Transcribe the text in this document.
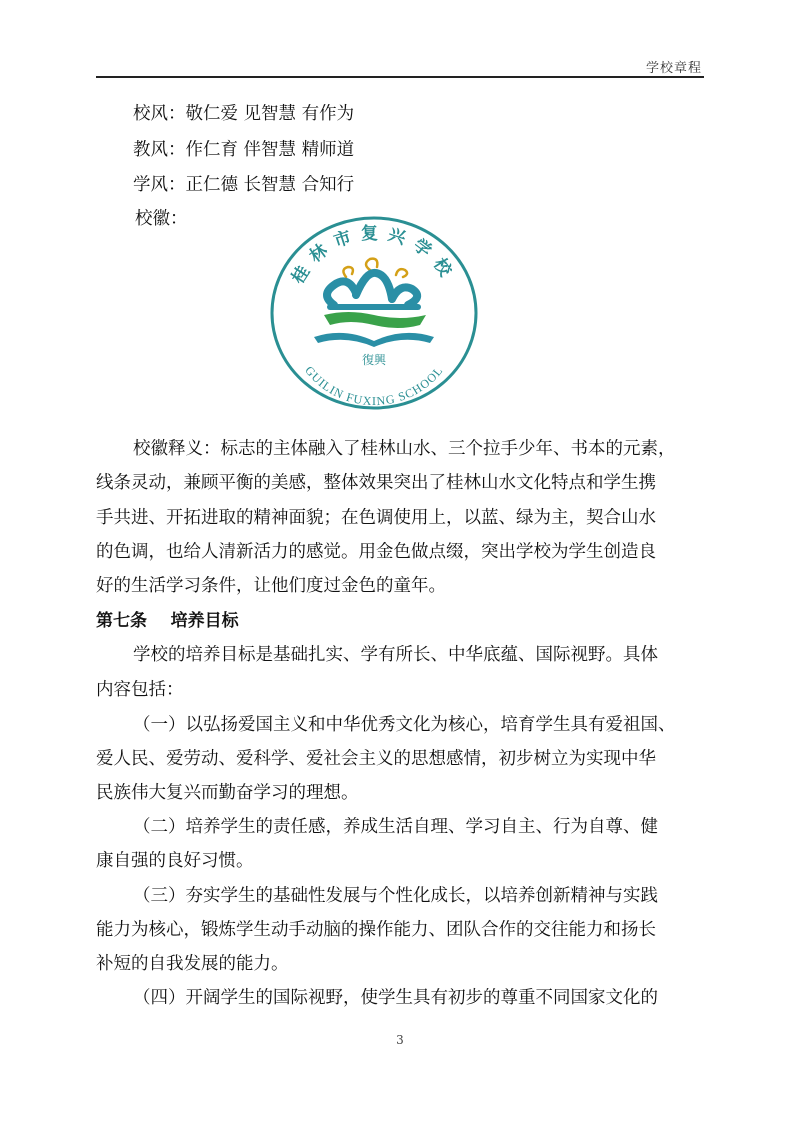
学校章程
校风：敬仁爱 见智慧 有作为
教风：作仁育 伴智慧 精师道
学风：正仁德 长智慧 合知行
校徽：
桂林市复兴学校
GUILIN FUXING SCHOOL
復興
校徽释义：标志的主体融入了桂林山水、三个拉手少年、书本的元素，
线条灵动，兼顾平衡的美感，整体效果突出了桂林山水文化特点和学生携
手共进、开拓进取的精神面貌；在色调使用上，以蓝、绿为主，契合山水
的色调，也给人清新活力的感觉。用金色做点缀，突出学校为学生创造良
好的生活学习条件，让他们度过金色的童年。
第七条    培养目标
学校的培养目标是基础扎实、学有所长、中华底蕴、国际视野。具体
内容包括：
（一）以弘扬爱国主义和中华优秀文化为核心，培育学生具有爱祖国、
爱人民、爱劳动、爱科学、爱社会主义的思想感情，初步树立为实现中华
民族伟大复兴而勤奋学习的理想。
（二）培养学生的责任感，养成生活自理、学习自主、行为自尊、健
康自强的良好习惯。
（三）夯实学生的基础性发展与个性化成长，以培养创新精神与实践
能力为核心，锻炼学生动手动脑的操作能力、团队合作的交往能力和扬长
补短的自我发展的能力。
（四）开阔学生的国际视野，使学生具有初步的尊重不同国家文化的
3
